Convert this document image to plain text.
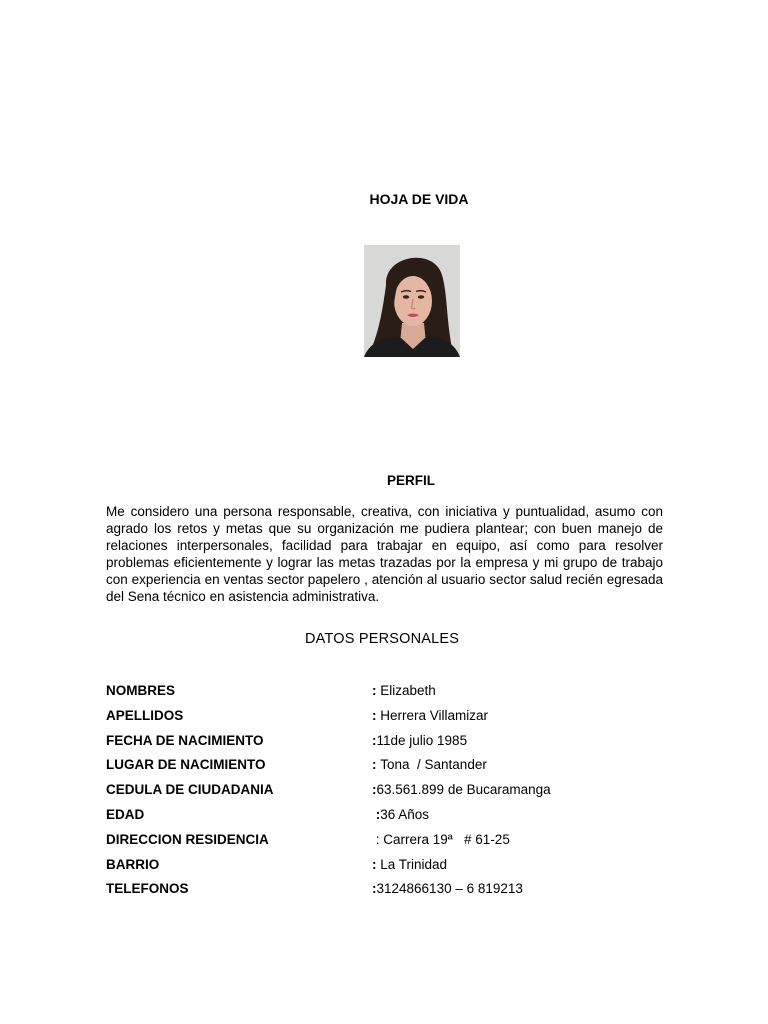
HOJA DE VIDA
PERFIL

Me considero una persona responsable, creativa, con iniciativa y puntualidad, asumo con agrado los retos y metas que su organización me pudiera plantear; con buen manejo de relaciones interpersonales, facilidad para trabajar en equipo, así como para resolver problemas eficientemente y lograr las metas trazadas por la empresa y mi grupo de trabajo con experiencia en ventas sector papelero , atención al usuario sector salud recién egresada del Sena técnico en asistencia administrativa.

DATOS PERSONALES
NOMBRES	: Elizabeth
APELLIDOS	: Herrera Villamizar
FECHA DE NACIMIENTO	:11de julio 1985
LUGAR DE NACIMIENTO	: Tona  / Santander
CEDULA DE CIUDADANIA	:63.561.899 de Bucaramanga
EDAD	:36 Años
DIRECCION RESIDENCIA	: Carrera 19ª   # 61-25
BARRIO	: La Trinidad
TELEFONOS	:3124866130 – 6 819213
